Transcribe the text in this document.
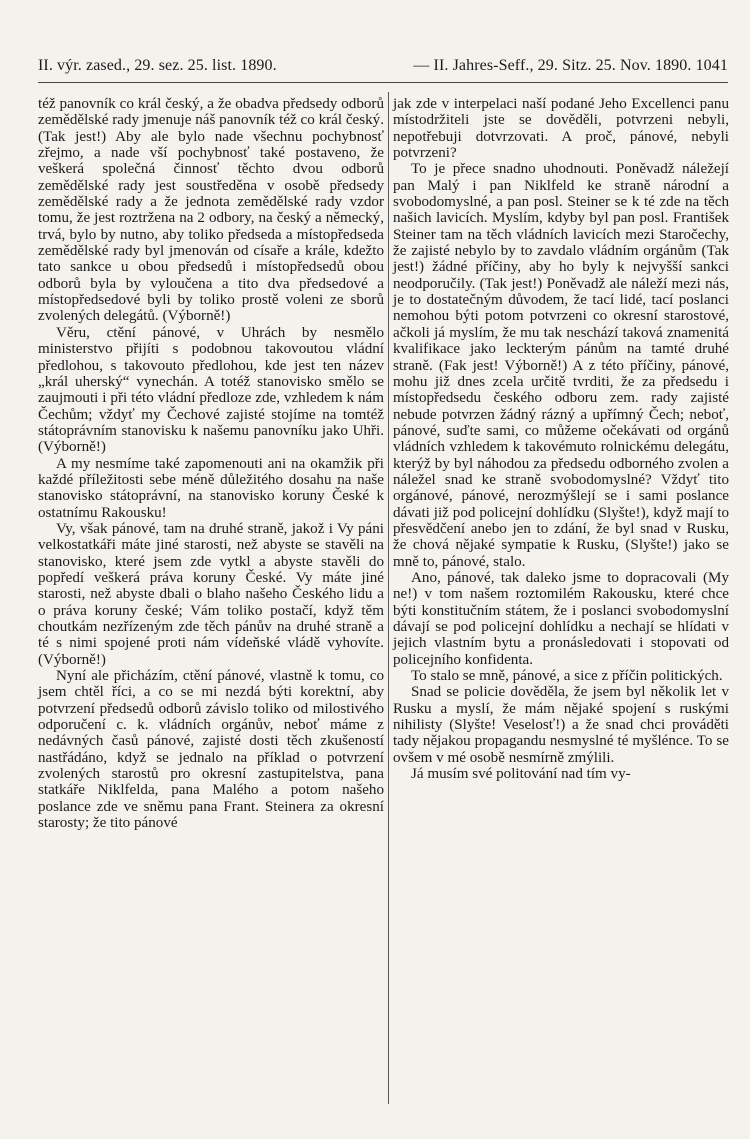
II. výr. zased., 29. sez. 25. list. 1890.	— II. Jahres-Seff., 29. Sitz. 25. Nov. 1890. 1041

též panovník co král český, a že obadva předsedy odborů zemědělské rady jmenuje náš panovník též co král český. (Tak jest!) Aby ale bylo nade všechnu pochybnosť zřejmo, a nade vší pochybnosť také postaveno, že veškerá společná činnosť těchto dvou odborů zemědělské rady jest soustředěna v osobě předsedy zemědělské rady a že jednota zemědělské rady vzdor tomu, že jest roztržena na 2 odbory, na český a německý, trvá, bylo by nutno, aby toliko předseda a místopředseda zemědělské rady byl jmenován od císaře a krále, kdežto tato sankce u obou předsedů i místopředsedů obou odborů byla by vyloučena a tito dva předsedové a místopředsedové byli by toliko prostě voleni ze sborů zvolených delegátů. (Výborně!)

Věru, ctění pánové, v Uhrách by nesmělo ministerstvo přijíti s podobnou takovoutou vládní předlohou, s takovouto předlohou, kde jest ten název „král uherský“ vynechán. A totéž stanovisko smělo se zaujmouti i při této vládní předloze zde, vzhledem k nám Čechům; vždyť my Čechové zajisté stojíme na tomtéž státoprávním stanovisku k našemu panovníku jako Uhři. (Výborně!)

A my nesmíme také zapomenouti ani na okamžik při každé příležitosti sebe méně důležitého dosahu na naše stanovisko státoprávní, na stanovisko koruny České k ostatnímu Rakousku!

Vy, však pánové, tam na druhé straně, jakož i Vy páni velkostatkáři máte jiné starosti, než abyste se stavěli na stanovisko, které jsem zde vytkl a abyste stavěli do popředí veškerá práva koruny České. Vy máte jiné starosti, než abyste dbali o blaho našeho Českého lidu a o práva koruny české; Vám toliko postačí, když těm choutkám nezřízeným zde těch pánův na druhé straně a té s nimi spojené proti nám vídeňské vládě vyhovíte. (Výborně!)

Nyní ale přicházím, ctění pánové, vlastně k tomu, co jsem chtěl říci, a co se mi nezdá býti korektní, aby potvrzení předsedů odborů závislo toliko od milostivého odporučení c. k. vládních orgánův, neboť máme z nedávných časů pánové, zajisté dosti těch zkušeností nastřádáno, když se jednalo na příklad o potvrzení zvolených starostů pro okresní zastupitelstva, pana statkáře Niklfelda, pana Malého a potom našeho poslance zde ve sněmu pana Frant. Steinera za okresní starosty; že tito pánové

jak zde v interpelaci naší podané Jeho Excellenci panu místodržiteli jste se dověděli, potvrzeni nebyli, nepotřebuji dotvrzovati. A proč, pánové, nebyli potvrzeni?

To je přece snadno uhodnouti. Poněvadž náležejí pan Malý i pan Niklfeld ke straně národní a svobodomyslné, a pan posl. Steiner se k té zde na těch našich lavicích. Myslím, kdyby byl pan posl. František Steiner tam na těch vládních lavicích mezi Staročechy, že zajisté nebylo by to zavdalo vládním orgánům (Tak jest!) žádné příčiny, aby ho byly k nejvyšší sankci neodporučily. (Tak jest!) Poněvadž ale náleží mezi nás, je to dostatečným důvodem, že tací lidé, tací poslanci nemohou býti potom potvrzeni co okresní starostové, ačkoli já myslím, že mu tak neschází taková znamenitá kvalifikace jako leckterým pánům na tamté druhé straně. (Fak jest! Výborně!) A z této příčiny, pánové, mohu již dnes zcela určitě tvrditi, že za předsedu i místopředsedu českého odboru zem. rady zajisté nebude potvrzen žádný rázný a upřímný Čech; neboť, pánové, suďte sami, co můžeme očekávati od orgánů vládních vzhledem k takovémuto rolnickému delegátu, kterýž by byl náhodou za předsedu odborného zvolen a náležel snad ke straně svobodomyslné? Vždyť tito orgánové, pánové, nerozmýšlejí se i sami poslance dávati již pod policejní dohlídku (Slyšte!), když mají to přesvědčení anebo jen to zdání, že byl snad v Rusku, že chová nějaké sympatie k Rusku, (Slyšte!) jako se mně to, pánové, stalo.

Ano, pánové, tak daleko jsme to dopracovali (My ne!) v tom našem roztomilém Rakousku, které chce býti konstitučním státem, že i poslanci svobodomyslní dávají se pod policejní dohlídku a nechají se hlídati v jejich vlastním bytu a pronásledovati i stopovati od policejního konfidenta.

To stalo se mně, pánové, a sice z příčin politických.

Snad se policie dověděla, že jsem byl několik let v Rusku a myslí, že mám nějaké spojení s ruskými nihilisty (Slyšte! Veselosť!) a že snad chci prováděti tady nějakou propagandu nesmyslné té myšlénce. To se ovšem v mé osobě nesmírně zmýlili.

Já musím své politování nad tím vy-
